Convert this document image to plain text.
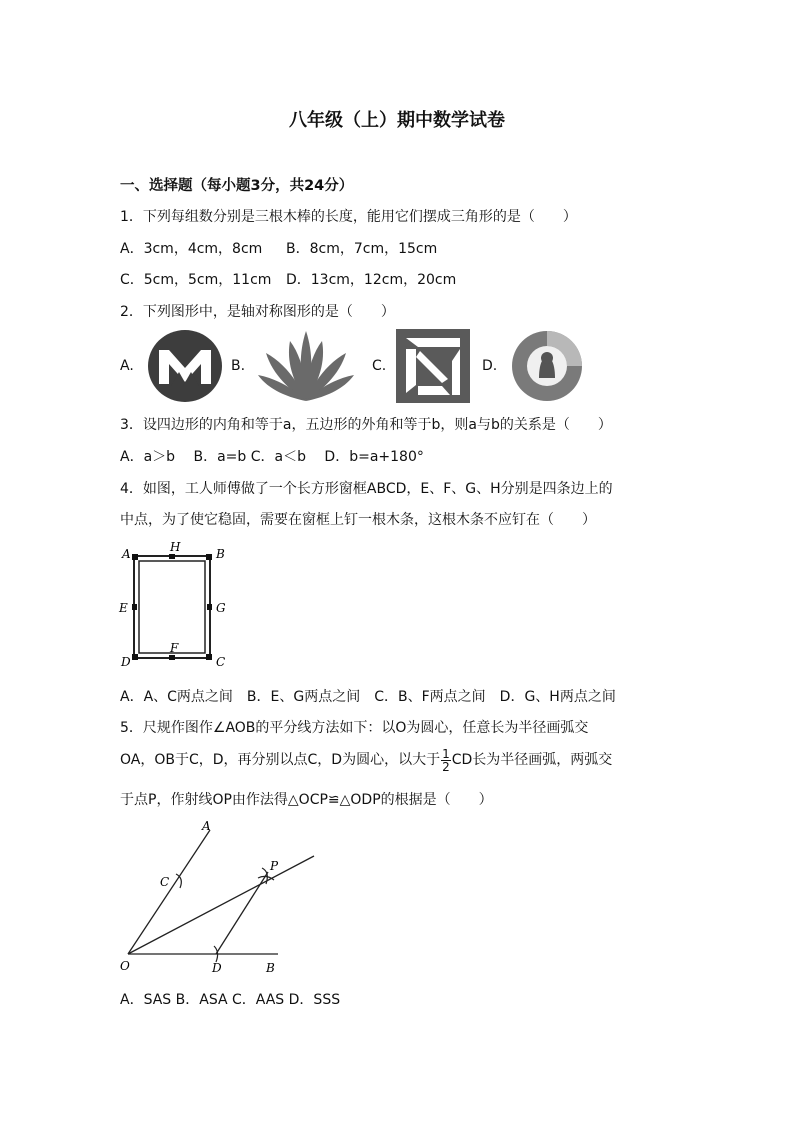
八年级（上）期中数学试卷
一、选择题（每小题3分，共24分）
1．下列每组数分别是三根木棒的长度，能用它们摆成三角形的是（　　）
A．3cm，4cm，8cm B．8cm，7cm，15cm
C．5cm，5cm，11cm D．13cm，12cm，20cm
2．下列图形中，是轴对称图形的是（　　）
A.	B.	C.	D.
3．设四边形的内角和等于a，五边形的外角和等于b，则a与b的关系是（　　）
A．a＞b　 B．a=b C．a＜b　 D．b=a+180°
4．如图，工人师傅做了一个长方形窗框ABCD，E、F、G、H分别是四条边上的
中点，为了使它稳固，需要在窗框上钉一根木条，这根木条不应钉在（　　）
A	H	B
E	G
D
F
C
A．A、C两点之间　B．E、G两点之间　C．B、F两点之间　D．G、H两点之间
5．尺规作图作∠AOB的平分线方法如下：以O为圆心，任意长为半径画弧交
OA，OB于C，D，再分别以点C，D为圆心，以大于 $\frac{1}{2}$ CD长为半径画弧，两弧交
于点P，作射线OP由作法得△OCP≌△ODP的根据是（　　）
A
C
P
O	D	B
A．SAS B．ASA C．AAS D．SSS
